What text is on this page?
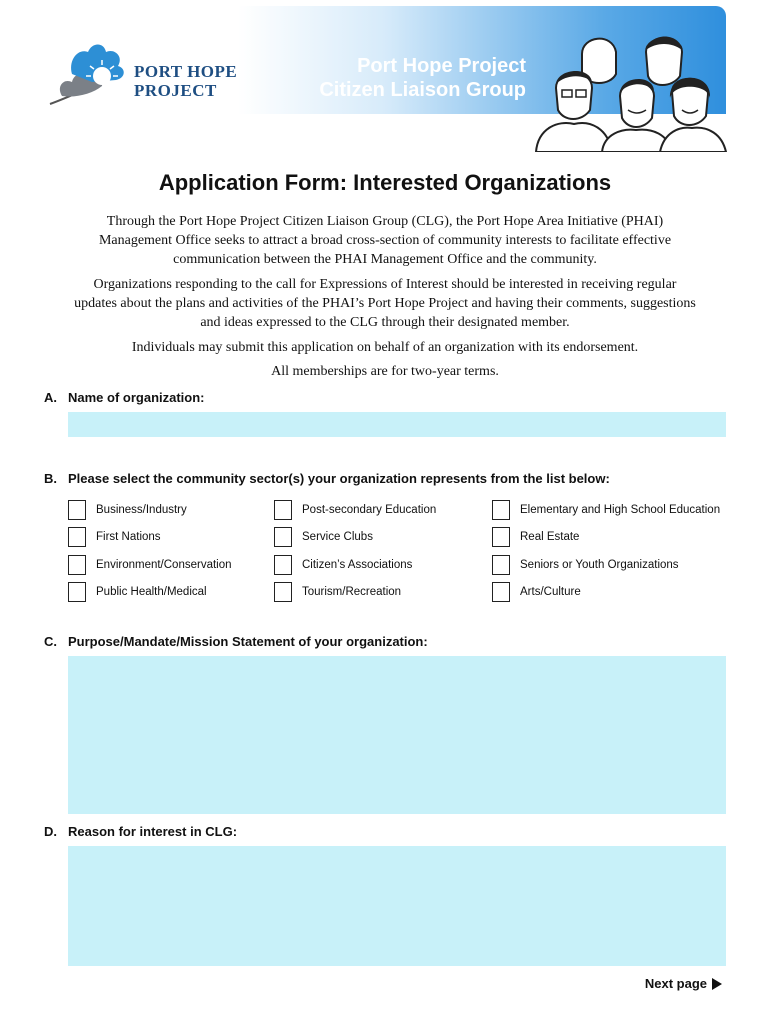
PORT HOPE
PROJECT
Port Hope Project
Citizen Liaison Group
Application Form: Interested Organizations

Through the Port Hope Project Citizen Liaison Group (CLG), the Port Hope Area Initiative (PHAI) Management Office seeks to attract a broad cross-section of community interests to facilitate effective communication between the PHAI Management Office and the community.

Organizations responding to the call for Expressions of Interest should be interested in receiving regular updates about the plans and activities of the PHAI’s Port Hope Project and having their comments, suggestions and ideas expressed to the CLG through their designated member.

Individuals may submit this application on behalf of an organization with its endorsement.

All memberships are for two-year terms.

A. Name of organization:
B. Please select the community sector(s) your organization represents from the list below:
Business/Industry	Post-secondary Education	Elementary and High School Education
First Nations	Service Clubs	Real Estate
Environment/Conservation	Citizen’s Associations	Seniors or Youth Organizations
Public Health/Medical	Tourism/Recreation	Arts/Culture
C. Purpose/Mandate/Mission Statement of your organization:
D. Reason for interest in CLG:
Next page
